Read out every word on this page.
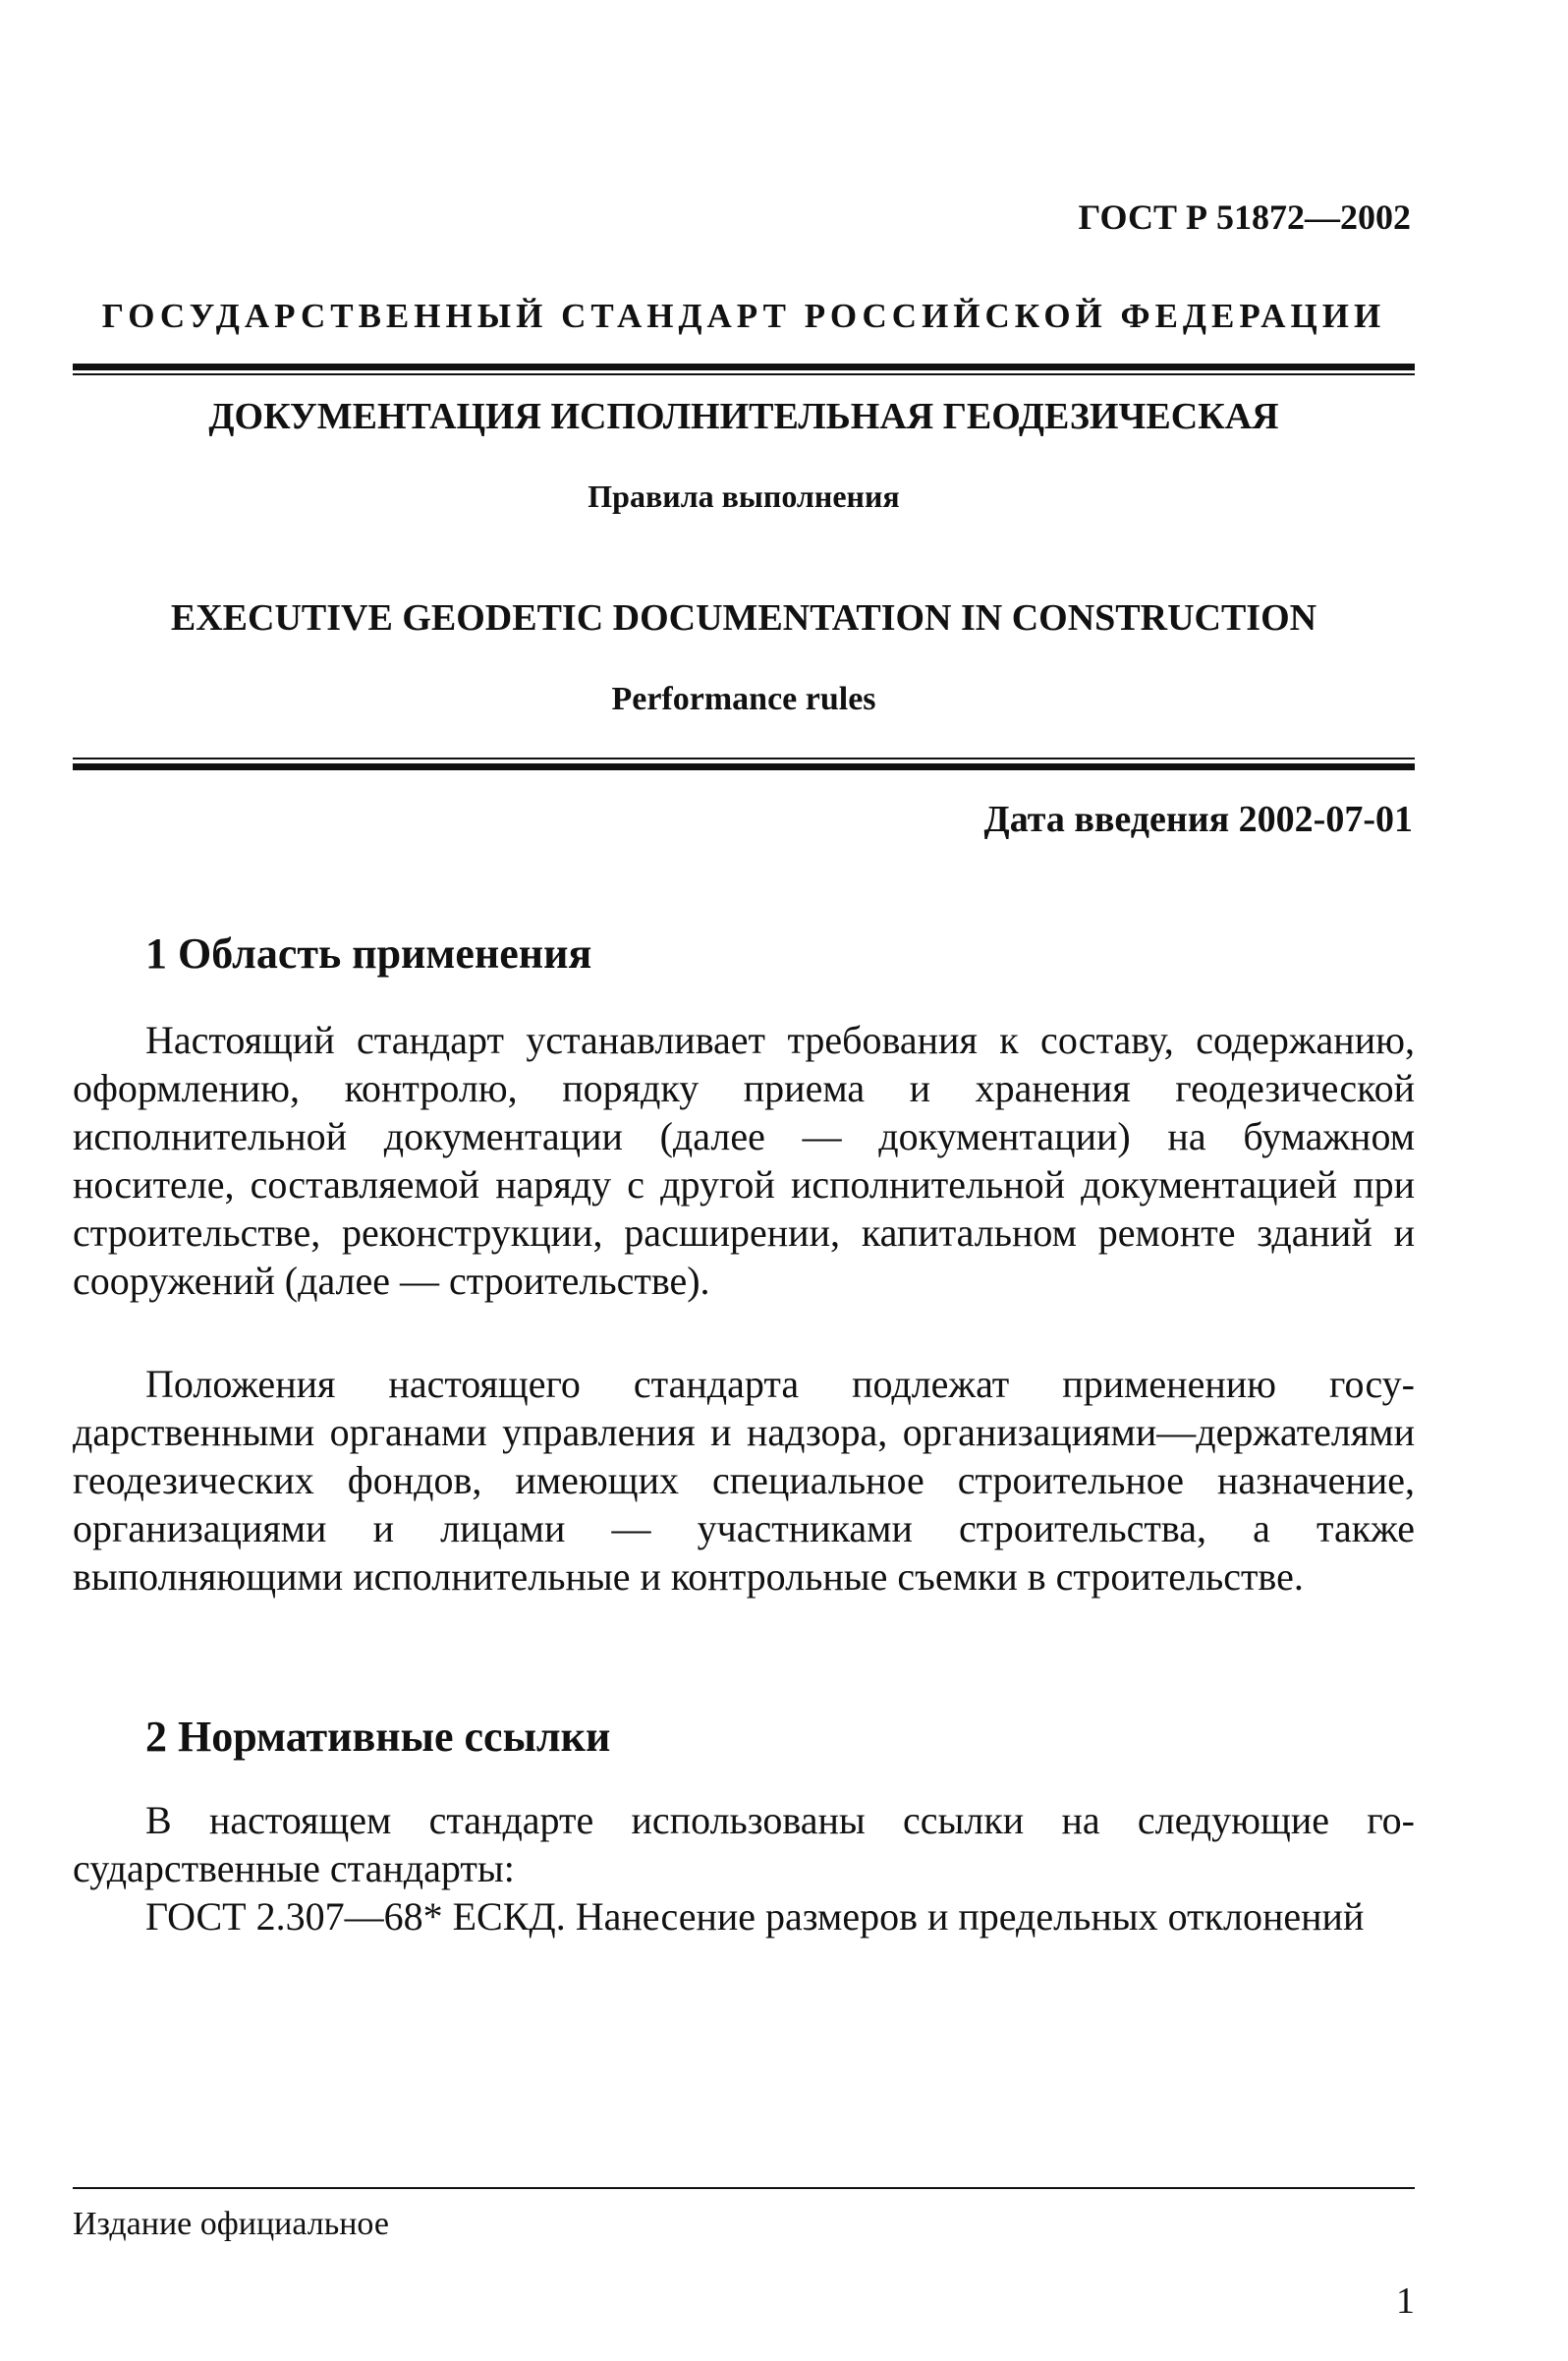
ГОСТ Р 51872—2002
ГОСУДАРСТВЕННЫЙ СТАНДАРТ РОССИЙСКОЙ ФЕДЕРАЦИИ
ДОКУМЕНТАЦИЯ ИСПОЛНИТЕЛЬНАЯ ГЕОДЕЗИЧЕСКАЯ
Правила выполнения
EXECUTIVE GEODETIC DOCUMENTATION IN CONSTRUCTION
Performance rules
Дата введения 2002-07-01
1 Область применения
Настоящий стандарт устанавливает требования к составу, содержанию, оформлению, контролю, порядку приема и хранения геодезической исполнительной документации (далее — документации) на бумажном носителе, составляемой наряду с другой исполнительной документацией при строительстве, реконструкции, расширении, капитальном ремонте зданий и сооружений (далее — строительстве).
Положения настоящего стандарта подлежат применению государственными органами управления и надзора, организациями—держателями геодезических фондов, имеющих специальное строительное назначение, организациями и лицами — участниками строительства, а также выполняющими исполнительные и контрольные съемки в строительстве.
2 Нормативные ссылки
В настоящем стандарте использованы ссылки на следующие государственные стандарты:
ГОСТ 2.307—68* ЕСКД. Нанесение размеров и предельных отклонений
Издание официальное
1
